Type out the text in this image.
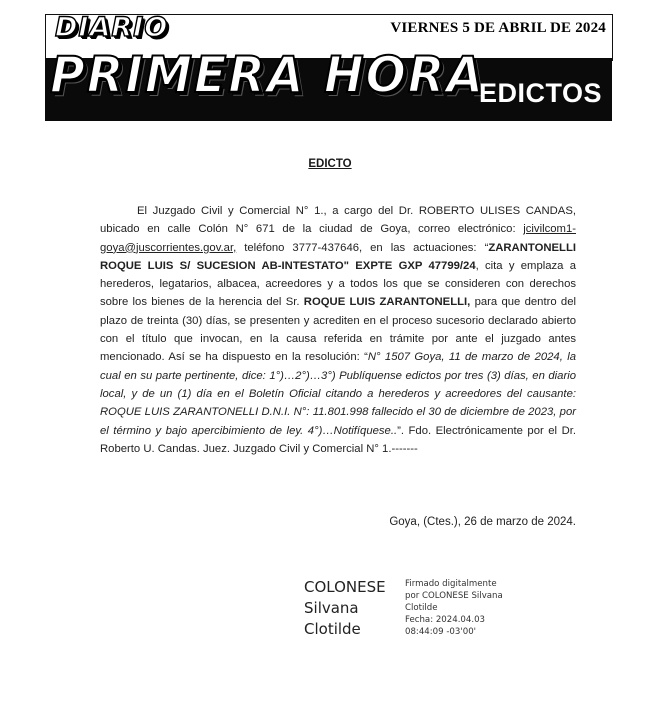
DIARIO
PRIMERA HORA
VIERNES 5 DE ABRIL DE 2024
EDICTOS
EDICTO

El Juzgado Civil y Comercial N° 1., a cargo del Dr. ROBERTO ULISES CANDAS, ubicado en calle Colón N° 671 de la ciudad de Goya, correo electrónico: jcivilcom1-goya@juscorrientes.gov.ar, teléfono 3777-437646, en las actuaciones: “ZARANTONELLI ROQUE LUIS S/ SUCESION AB-INTESTATO" EXPTE GXP 47799/24, cita y emplaza a herederos, legatarios, albacea, acreedores y a todos los que se consideren con derechos sobre los bienes de la herencia del Sr. ROQUE LUIS ZARANTONELLI, para que dentro del plazo de treinta (30) días, se presenten y acrediten en el proceso sucesorio declarado abierto con el título que invocan, en la causa referida en trámite por ante el juzgado antes mencionado. Así se ha dispuesto en la resolución: “N° 1507 Goya, 11 de marzo de 2024, la cual en su parte pertinente, dice: 1°)…2°)…3°) Publíquense edictos por tres (3) días, en diario local, y de un (1) día en el Boletín Oficial citando a herederos y acreedores del causante: ROQUE LUIS ZARANTONELLI D.N.I. N°: 11.801.998 fallecido el 30 de diciembre de 2023, por el término y bajo apercibimiento de ley. 4°)…Notifíquese..”. Fdo. Electrónicamente por el Dr. Roberto U. Candas. Juez. Juzgado Civil y Comercial N° 1.-------

Goya, (Ctes.), 26 de marzo de 2024.
COLONESE
Silvana
Clotilde
Firmado digitalmente
por COLONESE Silvana
Clotilde
Fecha: 2024.04.03
08:44:09 -03'00'
